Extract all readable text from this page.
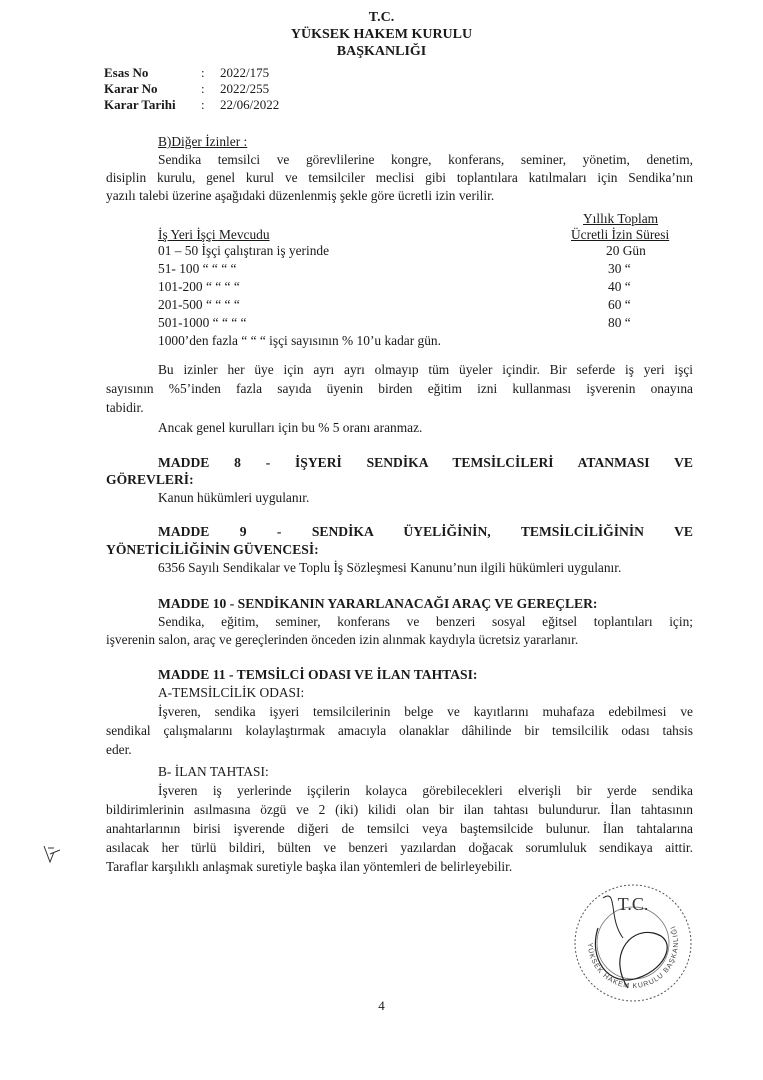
T.C.
YÜKSEK HAKEM KURULU
BAŞKANLIĞI
Esas No	: 2022/175
Karar No	: 2022/255
Karar Tarihi : 22/06/2022
B)Diğer İzinler :
Sendika temsilci ve görevlilerine kongre, konferans, seminer, yönetim, denetim,
disiplin kurulu, genel kurul ve temsilciler meclisi gibi toplantılara katılmaları için Sendika’nın
yazılı talebi üzerine aşağıdaki düzenlenmiş şekle göre ücretli izin verilir.
Yıllık Toplam
İş Yeri İşçi Mevcudu	Ücretli İzin Süresi
01 – 50 İşçi çalıştıran iş yerinde	20 Gün
51- 100 “ “ “ “	30 “
101-200 “ “ “ “	40 “
201-500 “ “ “ “	60 “
501-1000 “ “ “ “	80 “
1000’den fazla “ “ “ işçi sayısının % 10’u kadar gün.
Bu izinler her üye için ayrı ayrı olmayıp tüm üyeler içindir. Bir seferde iş yeri işçi
sayısının %5’inden fazla sayıda üyenin birden eğitim izni kullanması işverenin onayına
tabidir.
Ancak genel kurulları için bu % 5 oranı aranmaz.
MADDE 8 - İŞYERİ SENDİKA TEMSİLCİLERİ ATANMASI VE
GÖREVLERİ:
Kanun hükümleri uygulanır.
MADDE 9 - SENDİKA ÜYELİĞİNİN, TEMSİLCİLİĞİNİN VE
YÖNETİCİLİĞİNİN GÜVENCESİ:
6356 Sayılı Sendikalar ve Toplu İş Sözleşmesi Kanunu’nun ilgili hükümleri uygulanır.
MADDE 10 - SENDİKANIN YARARLANACAĞI ARAÇ VE GEREÇLER:
Sendika, eğitim, seminer, konferans ve benzeri sosyal eğitsel toplantıları için;
işverenin salon, araç ve gereçlerinden önceden izin alınmak kaydıyla ücretsiz yararlanır.
MADDE 11 - TEMSİLCİ ODASI VE İLAN TAHTASI:
A-TEMSİLCİLİK ODASI:
İşveren, sendika işyeri temsilcilerinin belge ve kayıtlarını muhafaza edebilmesi ve
sendikal çalışmalarını kolaylaştırmak amacıyla olanaklar dâhilinde bir temsilcilik odası tahsis
eder.
B- İLAN TAHTASI:
İşveren iş yerlerinde işçilerin kolayca görebilecekleri elverişli bir yerde sendika
bildirimlerinin asılmasına özgü ve 2 (iki) kilidi olan bir ilan tahtası bulundurur. İlan tahtasının
anahtarlarının birisi işverende diğeri de temsilci veya baştemsilcide bulunur. İlan tahtalarına
asılacak her türlü bildiri, bülten ve benzeri yazılardan doğacak sorumluluk sendikaya aittir.
Taraflar karşılıklı anlaşmak suretiyle başka ilan yöntemleri de belirleyebilir.
T.C.
YÜKSEK HAKEM KURULU BAŞKANLIĞI
4
